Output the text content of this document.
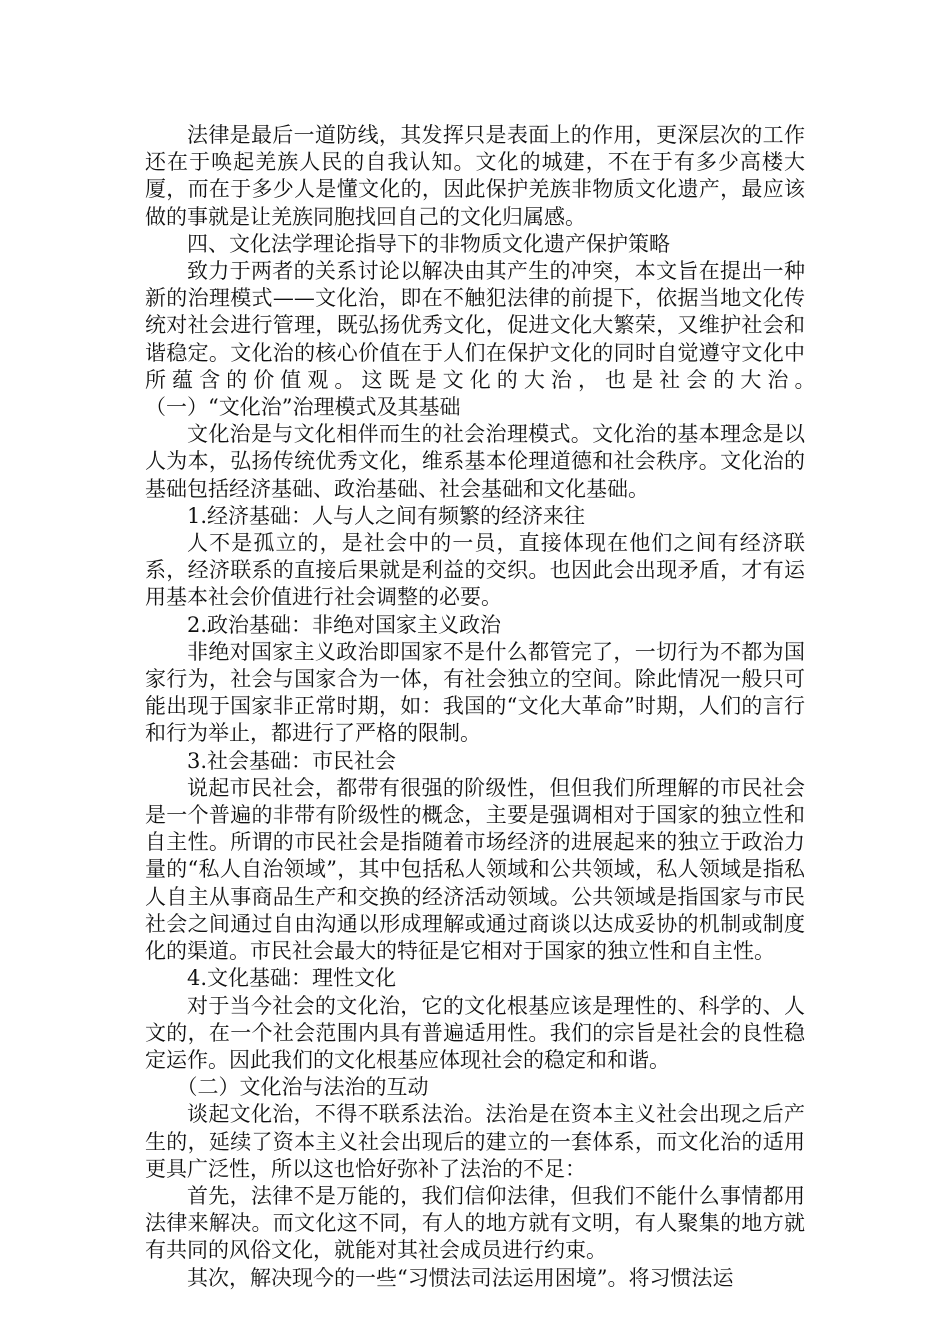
法律是最后一道防线，其发挥只是表面上的作用，更深层次的工作还在于唤起羌族人民的自我认知。文化的城建，不在于有多少高楼大厦，而在于多少人是懂文化的，因此保护羌族非物质文化遗产，最应该做的事就是让羌族同胞找回自己的文化归属感。

四、文化法学理论指导下的非物质文化遗产保护策略

致力于两者的关系讨论以解决由其产生的冲突，本文旨在提出一种新的治理模式——文化治，即在不触犯法律的前提下，依据当地文化传统对社会进行管理，既弘扬优秀文化，促进文化大繁荣，又维护社会和谐稳定。文化治的核心价值在于人们在保护文化的同时自觉遵守文化中所蕴含的价值观。这既是文化的大治，也是社会的大治。　　　（一）“文化治”治理模式及其基础

文化治是与文化相伴而生的社会治理模式。文化治的基本理念是以人为本，弘扬传统优秀文化，维系基本伦理道德和社会秩序。文化治的基础包括经济基础、政治基础、社会基础和文化基础。

1.经济基础：人与人之间有频繁的经济来往

人不是孤立的，是社会中的一员，直接体现在他们之间有经济联系，经济联系的直接后果就是利益的交织。也因此会出现矛盾，才有运用基本社会价值进行社会调整的必要。

2.政治基础：非绝对国家主义政治

非绝对国家主义政治即国家不是什么都管完了，一切行为不都为国家行为，社会与国家合为一体，有社会独立的空间。除此情况一般只可能出现于国家非正常时期，如：我国的“文化大革命”时期，人们的言行和行为举止，都进行了严格的限制。

3.社会基础：市民社会

说起市民社会，都带有很强的阶级性，但但我们所理解的市民社会是一个普遍的非带有阶级性的概念，主要是强调相对于国家的独立性和自主性。所谓的市民社会是指随着市场经济的进展起来的独立于政治力量的“私人自治领域”，其中包括私人领域和公共领域，私人领域是指私人自主从事商品生产和交换的经济活动领域。公共领域是指国家与市民社会之间通过自由沟通以形成理解或通过商谈以达成妥协的机制或制度化的渠道。市民社会最大的特征是它相对于国家的独立性和自主性。

4.文化基础：理性文化

对于当今社会的文化治，它的文化根基应该是理性的、科学的、人文的，在一个社会范围内具有普遍适用性。我们的宗旨是社会的良性稳定运作。因此我们的文化根基应体现社会的稳定和和谐。

（二）文化治与法治的互动

谈起文化治，不得不联系法治。法治是在资本主义社会出现之后产生的，延续了资本主义社会出现后的建立的一套体系，而文化治的适用更具广泛性，所以这也恰好弥补了法治的不足：

首先，法律不是万能的，我们信仰法律，但我们不能什么事情都用法律来解决。而文化这不同，有人的地方就有文明，有人聚集的地方就有共同的风俗文化，就能对其社会成员进行约束。

其次，解决现今的一些“习惯法司法运用困境”。将习惯法运
